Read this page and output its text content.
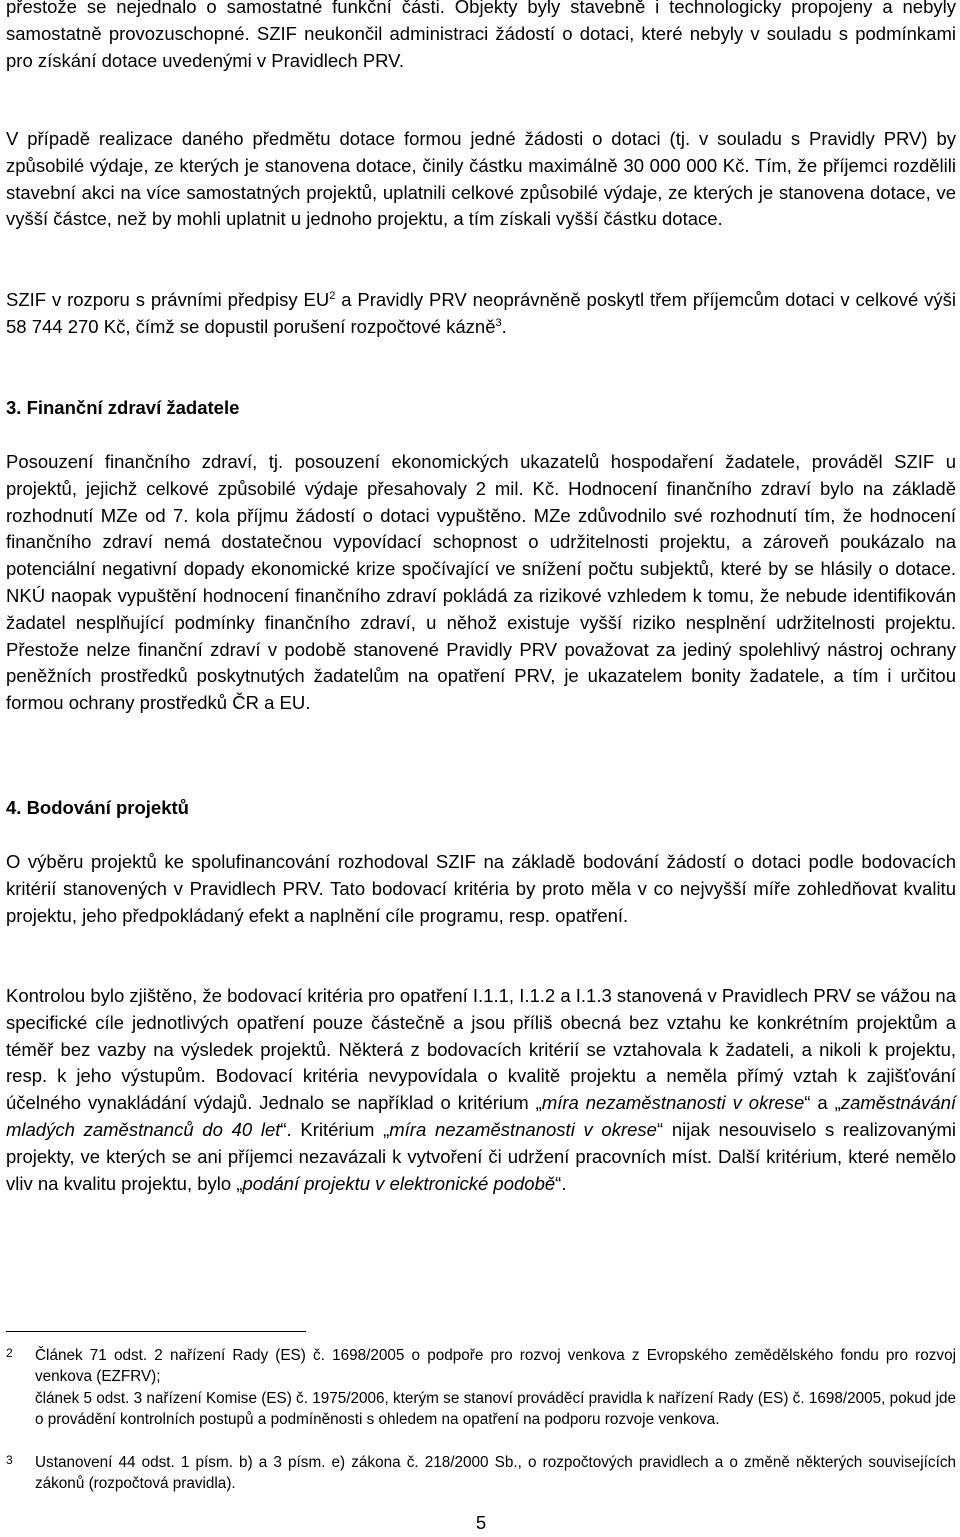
přestože se nejednalo o samostatné funkční části. Objekty byly stavebně i technologicky propojeny a nebyly samostatně provozuschopné. SZIF neukončil administraci žádostí o dotaci, které nebyly v souladu s podmínkami pro získání dotace uvedenými v Pravidlech PRV.

V případě realizace daného předmětu dotace formou jedné žádosti o dotaci (tj. v souladu s Pravidly PRV) by způsobilé výdaje, ze kterých je stanovena dotace, činily částku maximálně 30 000 000 Kč. Tím, že příjemci rozdělili stavební akci na více samostatných projektů, uplatnili celkové způsobilé výdaje, ze kterých je stanovena dotace, ve vyšší částce, než by mohli uplatnit u jednoho projektu, a tím získali vyšší částku dotace.

SZIF v rozporu s právními předpisy $EU^2$ a Pravidly PRV neoprávněně poskytl třem příjemcům dotaci v celkové výši 58 744 270 Kč, čímž se dopustil porušení rozpočtové kázně$^3$.

3. Finanční zdraví žadatele

Posouzení finančního zdraví, tj. posouzení ekonomických ukazatelů hospodaření žadatele, prováděl SZIF u projektů, jejichž celkové způsobilé výdaje přesahovaly 2 mil. Kč. Hodnocení finančního zdraví bylo na základě rozhodnutí MZe od 7. kola příjmu žádostí o dotaci vypuštěno. MZe zdůvodnilo své rozhodnutí tím, že hodnocení finančního zdraví nemá dostatečnou vypovídací schopnost o udržitelnosti projektu, a zároveň poukázalo na potenciální negativní dopady ekonomické krize spočívající ve snížení počtu subjektů, které by se hlásily o dotace. NKÚ naopak vypuštění hodnocení finančního zdraví pokládá za rizikové vzhledem k tomu, že nebude identifikován žadatel nesplňující podmínky finančního zdraví, u něhož existuje vyšší riziko nesplnění udržitelnosti projektu. Přestože nelze finanční zdraví v podobě stanovené Pravidly PRV považovat za jediný spolehlivý nástroj ochrany peněžních prostředků poskytnutých žadatelům na opatření PRV, je ukazatelem bonity žadatele, a tím i určitou formou ochrany prostředků ČR a EU.

4. Bodování projektů

O výběru projektů ke spolufinancování rozhodoval SZIF na základě bodování žádostí o dotaci podle bodovacích kritérií stanovených v Pravidlech PRV. Tato bodovací kritéria by proto měla v co nejvyšší míře zohledňovat kvalitu projektu, jeho předpokládaný efekt a naplnění cíle programu, resp. opatření.

Kontrolou bylo zjištěno, že bodovací kritéria pro opatření I.1.1, I.1.2 a I.1.3 stanovená v Pravidlech PRV se vážou na specifické cíle jednotlivých opatření pouze částečně a jsou příliš obecná bez vztahu ke konkrétním projektům a téměř bez vazby na výsledek projektů. Některá z bodovacích kritérií se vztahovala k žadateli, a nikoli k projektu, resp. k jeho výstupům. Bodovací kritéria nevypovídala o kvalitě projektu a neměla přímý vztah k zajišťování účelného vynakládání výdajů. Jednalo se například o kritérium „míra nezaměstnanosti v okrese“ a „zaměstnávání mladých zaměstnanců do 40 let“. Kritérium „míra nezaměstnanosti v okrese“ nijak nesouviselo s realizovanými projekty, ve kterých se ani příjemci nezavázali k vytvoření či udržení pracovních míst. Další kritérium, které nemělo vliv na kvalitu projektu, bylo „podání projektu v elektronické podobě“.

2 Článek 71 odst. 2 nařízení Rady (ES) č. 1698/2005 o podpoře pro rozvoj venkova z Evropského zemědělského fondu pro rozvoj venkova (EZFRV);
článek 5 odst. 3 nařízení Komise (ES) č. 1975/2006, kterým se stanoví prováděcí pravidla k nařízení Rady (ES) č. 1698/2005, pokud jde o provádění kontrolních postupů a podmíněnosti s ohledem na opatření na podporu rozvoje venkova.
3 Ustanovení 44 odst. 1 písm. b) a 3 písm. e) zákona č. 218/2000 Sb., o rozpočtových pravidlech a o změně některých souvisejících zákonů (rozpočtová pravidla).
5
